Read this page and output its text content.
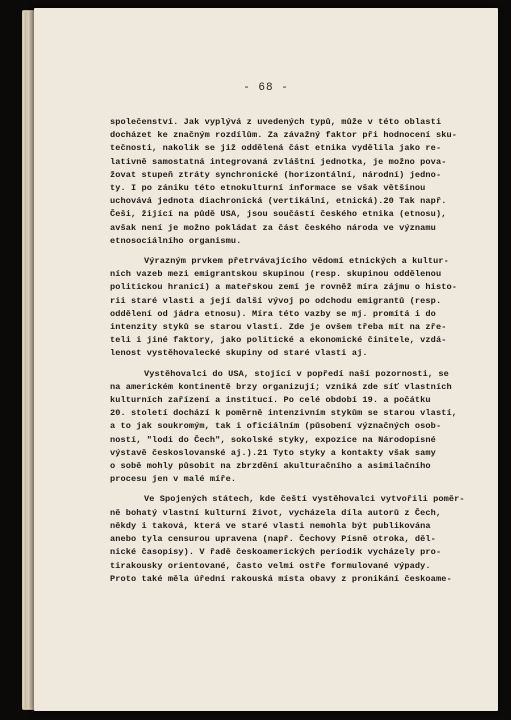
- 68 -
společenství. Jak vyplývá z uvedených typů, může v této oblasti
docházet ke značným rozdílům. Za závažný faktor při hodnocení sku-
tečnosti, nakolik se již oddělená část etnika vydělila jako re-
lativně samostatná integrovaná zvláštní jednotka, je možno pova-
žovat stupeň ztráty synchronické (horizontální, národní) jedno-
ty. I po zániku této etnokulturní informace se však většinou
uchovává jednota diachronická (vertikální, etnická).20 Tak např.
Češi, žijící na půdě USA, jsou součástí českého etnika (etnosu),
avšak není je možno pokládat za část českého národa ve významu
etnosociálního organismu.
Výrazným prvkem přetrvávajícího vědomí etnických a kultur-
ních vazeb mezi emigrantskou skupinou (resp. skupinou oddělenou
politickou hranicí) a mateřskou zemí je rovněž míra zájmu o histo-
rii staré vlasti a její další vývoj po odchodu emigrantů (resp.
oddělení od jádra etnosu). Míra této vazby se mj. promítá i do
intenzity styků se starou vlastí. Zde je ovšem třeba mít na zře-
teli i jiné faktory, jako politické a ekonomické činitele, vzdá-
lenost vystěhovalecké skupiny od staré vlasti aj.
Vystěhovalci do USA, stojící v popředí naší pozornosti, se
na americkém kontinentě brzy organizují; vzniká zde síť vlastních
kulturních zařízení a institucí. Po celé období 19. a počátku
20. století dochází k poměrně intenzivním stykům se starou vlastí,
a to jak soukromým, tak i oficiálním (působení význačných osob-
ností, "lodi do Čech", sokolské styky, expozice na Národopisné
výstavě českoslovanské aj.).21 Tyto styky a kontakty však samy
o sobě mohly působit na zbrzdění akulturačního a asimilačního
procesu jen v malé míře.
Ve Spojených státech, kde čeští vystěhovalci vytvořili poměr-
ně bohatý vlastní kulturní život, vycházela díla autorů z Čech,
někdy i taková, která ve staré vlasti nemohla být publikována
anebo tyla censurou upravena (např. Čechovy Písně otroka, děl-
nické časopisy). V řadě českoamerických periodik vycházely pro-
tirakousky orientované, často velmi ostře formulované výpady.
Proto také měla úřední rakouská místa obavy z pronikání českoame-
